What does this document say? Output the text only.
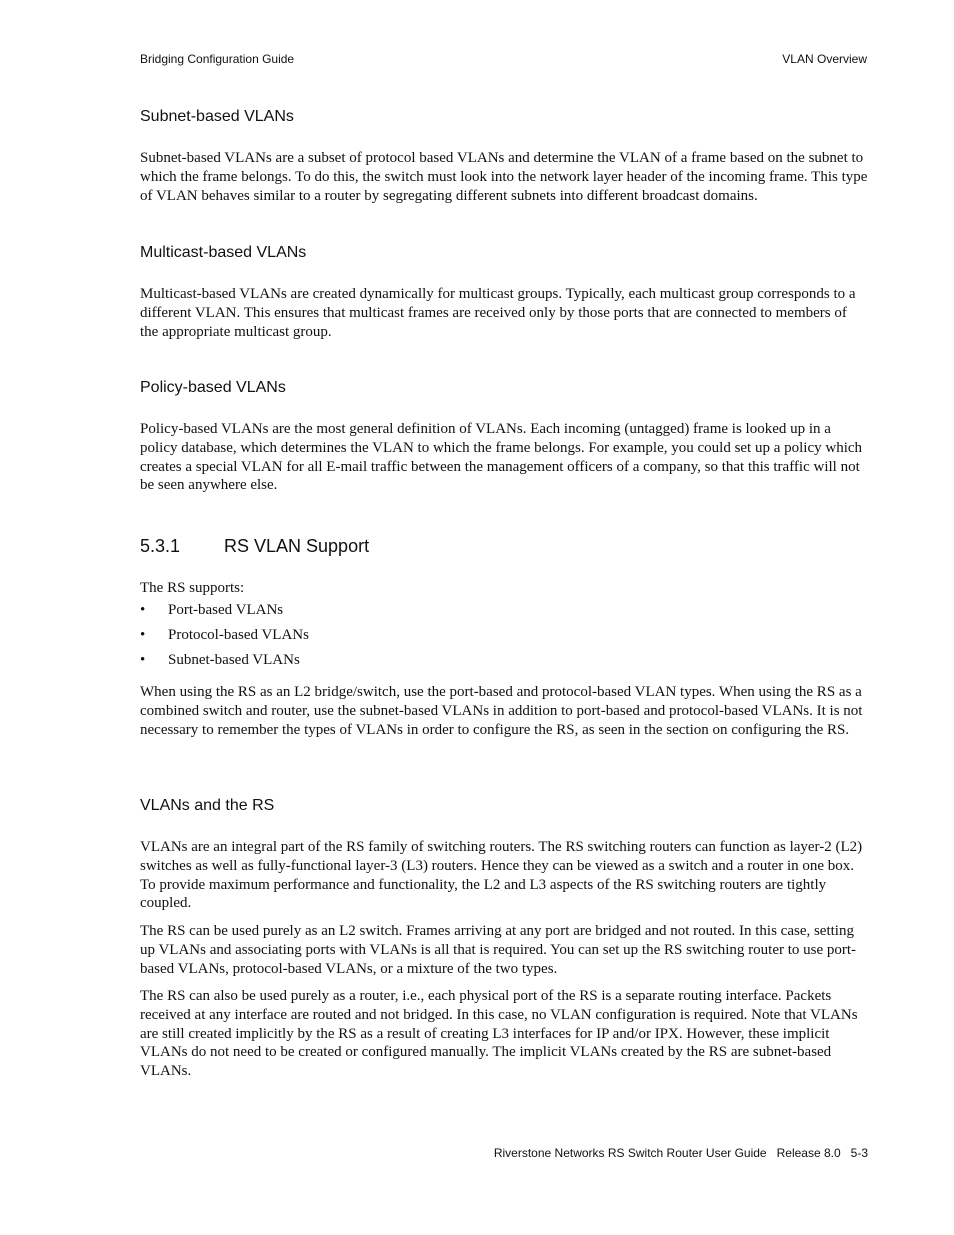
Bridging Configuration Guide	VLAN Overview
Subnet-based VLANs

Subnet-based VLANs are a subset of protocol based VLANs and determine the VLAN of a frame based on the subnet to which the frame belongs. To do this, the switch must look into the network layer header of the incoming frame. This type of VLAN behaves similar to a router by segregating different subnets into different broadcast domains.

Multicast-based VLANs

Multicast-based VLANs are created dynamically for multicast groups. Typically, each multicast group corresponds to a different VLAN. This ensures that multicast frames are received only by those ports that are connected to members of the appropriate multicast group.

Policy-based VLANs

Policy-based VLANs are the most general definition of VLANs. Each incoming (untagged) frame is looked up in a policy database, which determines the VLAN to which the frame belongs. For example, you could set up a policy which creates a special VLAN for all E-mail traffic between the management officers of a company, so that this traffic will not be seen anywhere else.

5.3.1 RS VLAN Support

The RS supports:

• Port-based VLANs
• Protocol-based VLANs
• Subnet-based VLANs

When using the RS as an L2 bridge/switch, use the port-based and protocol-based VLAN types. When using the RS as a combined switch and router, use the subnet-based VLANs in addition to port-based and protocol-based VLANs. It is not necessary to remember the types of VLANs in order to configure the RS, as seen in the section on configuring the RS.

VLANs and the RS

VLANs are an integral part of the RS family of switching routers. The RS switching routers can function as layer-2 (L2) switches as well as fully-functional layer-3 (L3) routers. Hence they can be viewed as a switch and a router in one box. To provide maximum performance and functionality, the L2 and L3 aspects of the RS switching routers are tightly coupled.

The RS can be used purely as an L2 switch. Frames arriving at any port are bridged and not routed. In this case, setting up VLANs and associating ports with VLANs is all that is required. You can set up the RS switching router to use port-based VLANs, protocol-based VLANs, or a mixture of the two types.

The RS can also be used purely as a router, i.e., each physical port of the RS is a separate routing interface. Packets received at any interface are routed and not bridged. In this case, no VLAN configuration is required. Note that VLANs are still created implicitly by the RS as a result of creating L3 interfaces for IP and/or IPX. However, these implicit VLANs do not need to be created or configured manually. The implicit VLANs created by the RS are subnet-based VLANs.

Riverstone Networks RS Switch Router User Guide   Release 8.0   5-3
